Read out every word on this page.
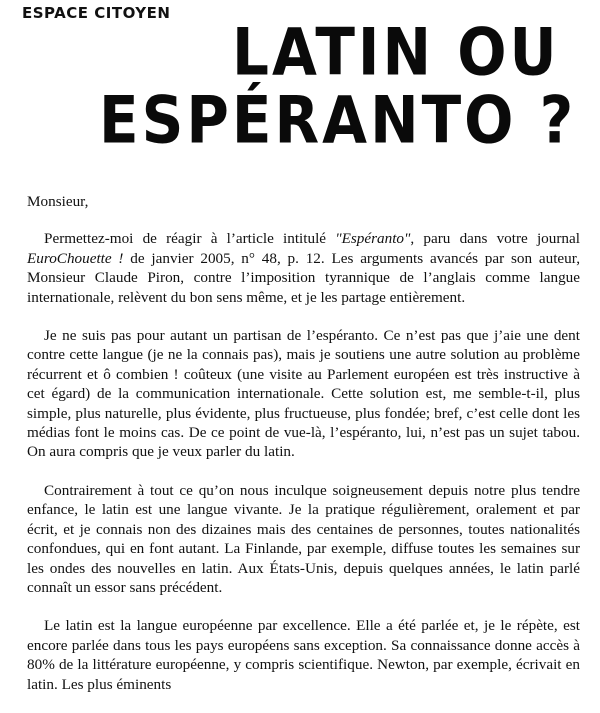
ESPACE CITOYEN
LATIN OU
ESPÉRANTO ?

Monsieur,

Permettez-moi de réagir à l’article intitulé "Espéranto", paru dans votre journal EuroChouette ! de janvier 2005, n° 48, p. 12. Les arguments avancés par son auteur, Monsieur Claude Piron, contre l’imposition tyrannique de l’anglais comme langue internationale, relèvent du bon sens même, et je les partage entièrement.

Je ne suis pas pour autant un partisan de l’espéranto. Ce n’est pas que j’aie une dent contre cette langue (je ne la connais pas), mais je soutiens une autre solution au problème récurrent et ô combien ! coûteux (une visite au Parlement européen est très instructive à cet égard) de la communication internationale. Cette solution est, me semble-t-il, plus simple, plus naturelle, plus évidente, plus fructueuse, plus fondée; bref, c’est celle dont les médias font le moins cas. De ce point de vue-là, l’espéranto, lui, n’est pas un sujet tabou. On aura compris que je veux parler du latin.

Contrairement à tout ce qu’on nous inculque soigneusement depuis notre plus tendre enfance, le latin est une langue vivante. Je la pratique régulièrement, oralement et par écrit, et je connais non des dizaines mais des centaines de personnes, toutes nationalités confondues, qui en font autant. La Finlande, par exemple, diffuse toutes les semaines sur les ondes des nouvelles en latin. Aux États-Unis, depuis quelques années, le latin parlé connaît un essor sans précédent.

Le latin est la langue européenne par excellence. Elle a été parlée et, je le répète, est encore parlée dans tous les pays européens sans exception. Sa connaissance donne accès à 80% de la littérature européenne, y compris scientifique. Newton, par exemple, écrivait en latin. Les plus éminents
